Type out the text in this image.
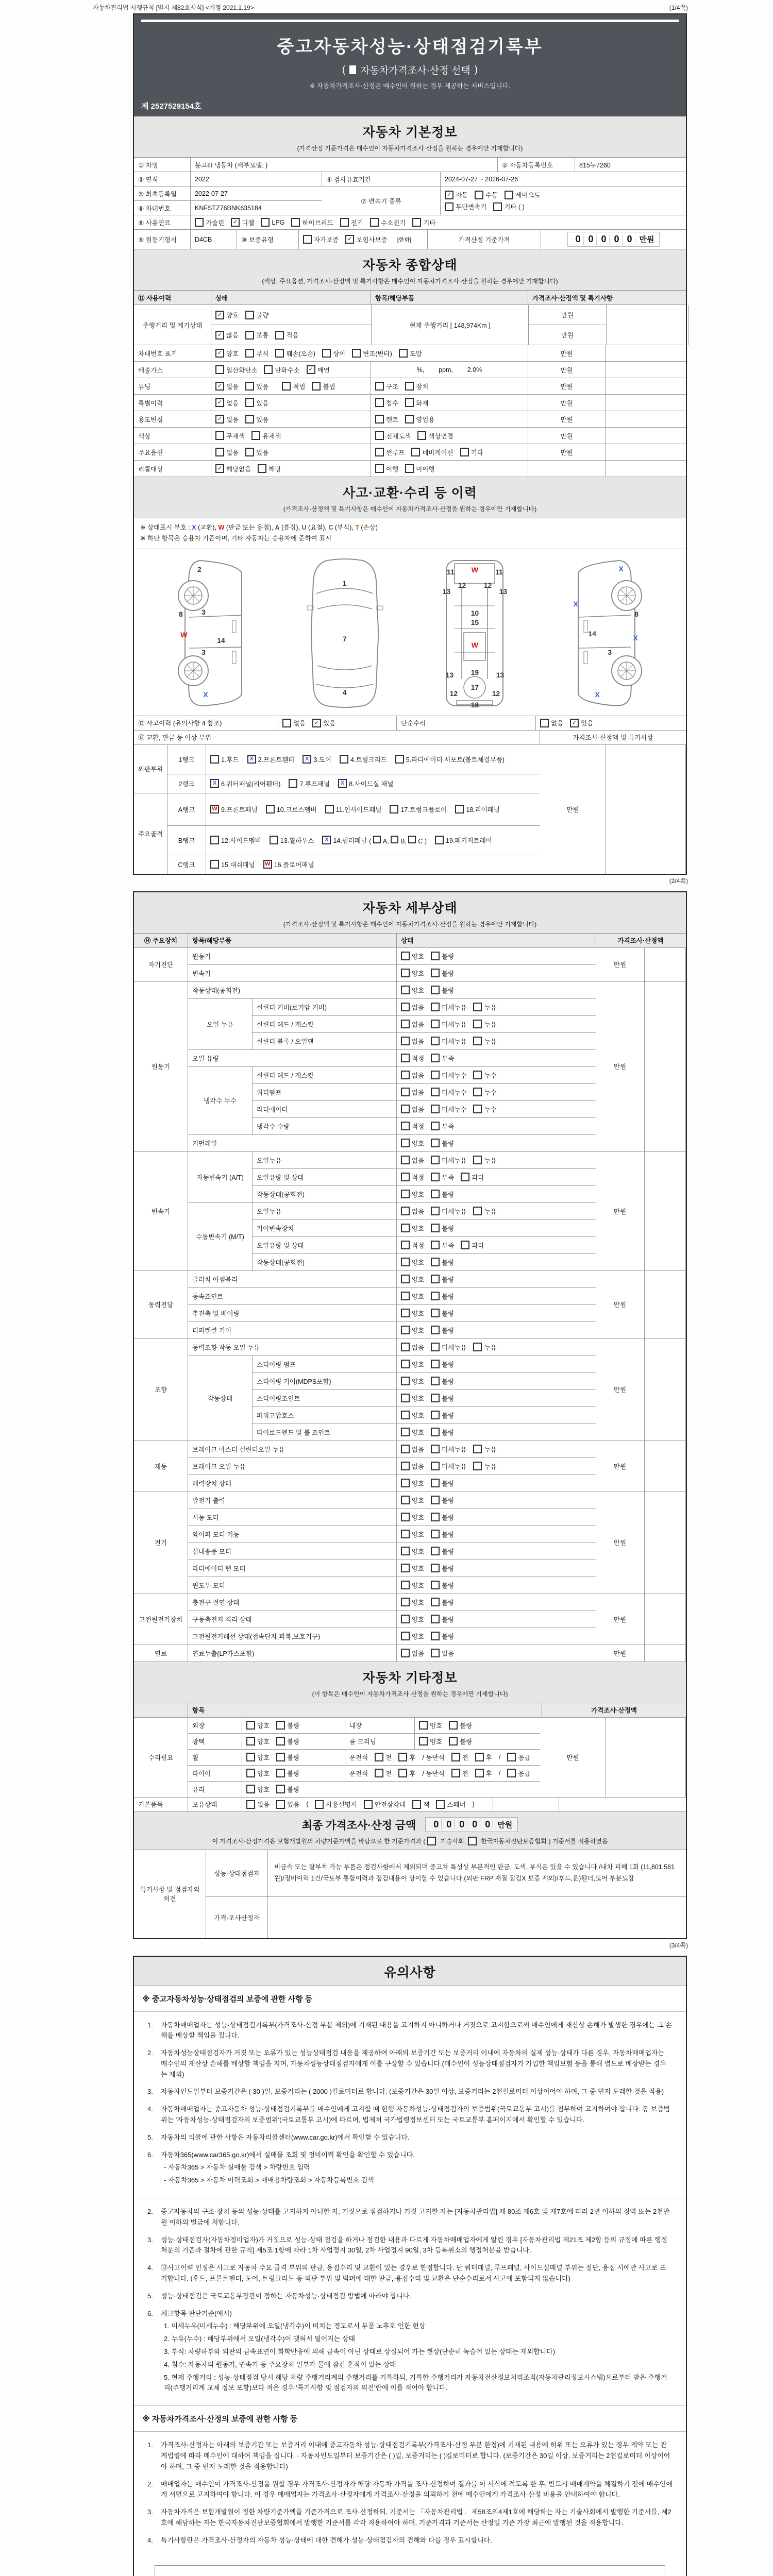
자동차관리법 시행규칙 [별지 제82호서식] <개정 2021.1.19>	(1/4쪽)
중고자동차성능·상태점검기록부
( 자동차가격조사·산정 선택 )
※ 자동차가격조사·산정은 매수인이 원하는 경우 제공하는 서비스입니다.
제 2527529154호
자동차 기본정보
(가격산정 기준가격은 매수인이 자동차가격조사·산정을 원하는 경우에만 기재합니다)
① 차명	봉고III 냉동차 (세부모델: )	② 자동차등록번호	815누7260
③ 연식	2022	④ 검사유효기간	2024-07-27 ~ 2026-07-26
⑤ 최초등록일	2022-07-27
⑥ 차대번호	KNFSTZ76BNK635184
⑦ 변속기 종류
✓ 자동	수동	세미오토
무단변속기	기타 ( )
⑧ 사용연료	가솔린	✓ 디젤	LPG	하이브리드	전기	수소전기	기타
⑨ 원동기형식	D4CB	⑩ 보증유형	자가보증	✓ 보험사보증 [한화]	가격산정 기준가격	0 0 0 0 0 만원
자동차 종합상태
(색상, 주요옵션, 가격조사·산정액 및 특기사항은 매수인이 자동차가격조사·산정을 원하는 경우에만 기재합니다)
⑪ 사용이력	상태	항목/해당부품	가격조사·산정액 및 특기사항
주행거리 및 계기상태
✓ 양호	불량
✓ 많음	보통	적음
현재 주행거리 [ 148,974Km ]
만원
만원
차대번호 표기	✓ 양호	부식	훼손(오손)	상이	변조(변타)	도말	만원
배출가스	일산화탄소	탄화수소	✓ 매연	%,        ppm,        2.0%	만원
튜닝	✓ 없음	있음	적법	불법	구조	장치	만원
특별이력	✓ 없음	있음	침수	화재	만원
용도변경	✓ 없음	있음	렌트	영업용	만원
색상	무채색	유채색	전체도색	색상변경	만원
주요옵션	없음	있음	썬루프	네비게이션	기타	만원
리콜대상	✓ 해당없음	해당	이행	미이행
사고·교환·수리 등 이력
(가격조사·산정액 및 특기사항은 매수인이 자동차가격조사·산정을 원하는 경우에만 기재합니다)
※ 상태표시 부호 : X (교환), W (판금 또는 용접), A (흠집), U (요철), C (부식), T (손상)
※ 하단 항목은 승용차 기준이며, 기타 자동차는 승용차에 준하여 표시
2
8	3
W
14
3
X
1
7
4
11	11
W
13	13
12 12
10
15
W
19
13	13
12	12
17
18
X
X
8
X
14
3
X
⑫ 사고이력 (유의사항 4 참조)	없음	✓ 있음	단순수리	없음	✓ 있음
⑬ 교환, 판금 등 이상 부위	가격조사·산정액 및 특기사항
외판부위
1랭크	1.후드	X 2.프론트휀더	X 3.도어	4.트렁크리드	5.라디에이터 서포트(볼트체결부품)
2랭크	X 6.쿼터패널(리어휀더)	7.루프패널	X 8.사이드실 패널
주요골격
A랭크	W 9.프론트패널	10.크로스멤버	11.인사이드패널	17.트렁크플로어	18.리어패널
B랭크	12.사이드멤버	13.휠하우스	X 14.필러패널 ( A, B, C )	19.패키지트레이
C랭크	15.대쉬패널 W 16.플로어패널
만원
(2/4쪽)
자동차 세부상태
(가격조사·산정액 및 특기사항은 매수인이 자동차가격조사·산정을 원하는 경우에만 기재합니다)
⑭ 주요장치	항목/해당부품	상태	가격조사·산정액
자기진단
원동기	양호	불량
변속기	양호	불량
만원
원동기
작동상태(공회전)	양호	불량
오일 누유
실린더 커버(로커암 커버)	없음	미세누유	누유
실린더 헤드 / 개스킷	없음	미세누유	누유
실린더 블록 / 오일팬	없음	미세누유	누유
오일 유량	적정	부족
냉각수 누수
실린더 헤드 / 개스킷	없음	미세누수	누수
워터펌프	없음	미세누수	누수
라디에이터	없음	미세누수	누수
냉각수 수량	적정	부족
커먼레일	양호	불량
만원
변속기
자동변속기 (A/T)
오일누유	없음	미세누유	누유
오일유량 및 상태	적정	부족	과다
작동상태(공회전)	양호	불량
수동변속기 (M/T)
오일누유	없음	미세누유	누유
기어변속장치	양호	불량
오일유량 및 상태	적정	부족	과다
작동상태(공회전)	양호	불량
만원
동력전달
클러치 어셈블리	양호	불량
등속죠인트	양호	불량
추진축 및 베어링	양호	불량
디퍼렌셜 기어	양호	불량
만원
조향
동력조향 작동 오일 누유	없음	미세누유	누유
작동상태
스티어링 펌프	양호	불량
스티어링 기어(MDPS포함)	양호	불량
스티어링조인트	양호	불량
파워고압호스	양호	불량
타이로드엔드 및 볼 조인트	양호	불량
만원
제동
브레이크 마스터 실린더오일 누유	없음	미세누유	누유
브레이크 오일 누유	없음	미세누유	누유
배력장치 상태	양호	불량
만원
전기
발전기 출력	양호	불량
시동 모터	양호	불량
와이퍼 모터 기능	양호	불량
실내송풍 모터	양호	불량
라디에이터 팬 모터	양호	불량
윈도우 모터	양호	불량
만원
고전원전기장치
충전구 절연 상태	양호	불량
구동축전지 격리 상태	양호	불량
고전원전기배선 상태(접속단자,피복,보호기구)	양호	불량
만원
연료	연료누출(LP가스포함)	없음	있음	만원
자동차 기타정보
(이 항목은 매수인이 자동차가격조사·산정을 원하는 경우에만 기재합니다)
항목	가격조사·산정액
수리필요
외장	양호	불량	내장	양호	불량
광택	양호	불량	룸 크리닝	양호	불량
휠	양호	불량	운전석	전	후 / 동반석	전	후 /	응급
타이어	양호	불량	운전석	전	후 / 동반석	전	후 /	응급
유리	양호	불량
만원
기본품목	보유상태	없음	있음 (	사용설명서	안전삼각대	잭	스패너 )
최종 가격조사·산정 금액 0 0 0 0 0 만원
이 가격조사·산정가격은 보험개발원의 차량기준가액을 바탕으로 한 기준가격과 ( 기술사회, 한국자동차진단보증협회 ) 기준서를 적용하였음
특기사항 및 점검자의 의견
성능·상태점검자
비금속 또는 탈부착 가능 부품은 점검사항에서 제외되며 중고차 특성상 부분적인 판금, 도색, 부식은 있을 수 있습니다./내차 피해 1회 (11,801,561원)/정비이력 1건/국토부 통합이력과 점검내용이 상이할 수 있습니다.(외판 FRP 재질 점검X 보증 제외)/후드,운)휀더,도어 부분도장
가격·조사산정자
(3/4쪽)
유의사항
※ 중고자동차성능·상태점검의 보증에 관한 사항 등
1.	자동차매매업자는 성능·상태점검기록부(가격조사·산정 부분 제외)에 기재된 내용을 고지하지 아니하거나 거짓으로 고지함으로써 매수인에게 재산상 손해가 발생한 경우에는 그 손해를 배상할 책임을 집니다.
2.	자동차성능상태점검자가 거짓 또는 오류가 있는 성능상태점검 내용을 제공하여 아래의 보증기간 또는 보증거리 이내에 자동차의 실제 성능·상태가 다른 경우, 자동차매매업자는 매수인의 재산상 손해를 배상할 책임을 지며, 자동차성능상태점검자에게 이를 구상할 수 있습니다.(매수인이 성능상태점검자가 가입한 책임보험 등을 통해 별도로 배상받는 경우는 제외)
3.	자동차인도일부터 보증기간은 ( 30 )일, 보증거리는 ( 2000 )킬로미터로 합니다. (보증기간은 30일 이상, 보증거리는 2천킬로미터 이상이어야 하며, 그 중 먼저 도래한 것을 적용)
4.	자동차매매업자는 중고자동차 성능·상태점검기록부를 매수인에게 고지할 때 현행 자동차성능·상태점검자의 보증범위(국토교통부 고시)를 첨부하여 고지하여야 합니다. 동 보증범위는 '자동차성능·상태점검자의 보증범위'(국토교통부 고시)에 따르며, 법제처 국가법령정보센터 또는 국토교통부 홈페이지에서 확인할 수 있습니다.
5.	자동차의 리콜에 관한 사항은 자동차리콜센터(www.car.go.kr)에서 확인할 수 있습니다.
6.	자동차365(www.car365.go.kr)에서 실매물 조회 및 정비이력 확인을 확인할 수 있습니다.
- 자동차365 > 자동차 실매물 검색 > 차량번호 입력
- 자동차365 > 자동차 이력조회 > 매매용차량조회 > 자동차등록번호 검색
2.	중고자동차의 구조·장치 등의 성능·상태를 고지하지 아니한 자, 거짓으로 점검하거나 거짓 고지한 자는 [자동차관리법] 제 80조 제6호 및 제7호에 따라 2년 이하의 징역 또는 2천만원 이하의 벌금에 처합니다.
3.	성능·상태점검자(자동차정비업자)가 거짓으로 성능·상태 점검을 하거나 점검한 내용과 다르게 자동차매매업자에게 알린 경우 [자동차관리법 제21조 제2항 등의 규정에 따른 행정처분의 기준과 절차에 관한 규칙] 제5조 1항에 따라 1차 사업정지 30일, 2차 사업정지 90일, 3차 등록취소의 행정처분을 받습니다.
4.	⑫사고이력 인정은 사고로 자동차 주요 골격 부위의 판금, 용접수리 및 교환이 있는 경우로 한정합니다. 단 쿼터패널, 루프패널, 사이드실패널 부위는 절단, 용접 시에만 사고로 표기합니다. (후드, 프론트펜더, 도어, 트렁크리드 등 외판 부위 및 범퍼에 대한 판금, 용접수리 및 교환은 단순수리로서 사고에 포함되지 않습니다)
5.	성능·상태점검은 국토교통부장관이 정하는 자동차성능·상태점검 방법에 따라야 합니다.
6.	체크항목 판단기준(예시)
1. 미세누유(미세누수) : 해당부위에 오일(냉각수)이 비치는 정도로서 부품 노후로 인한 현상
2. 누유(누수) : 해당부위에서 오일(냉각수)이 맺혀서 떨어지는 상태
3. 부식: 차량하부와 외판의 금속표면이 화학반응에 의해 금속이 아닌 상태로 상실되어 가는 현상(단순히 녹슬어 있는 상태는 제외합니다)
4. 침수: 자동차의 원동기, 변속기 등 주요장치 일부가 물에 잠긴 흔적이 있는 상태
5. 현재 주행거리 : 성능·상태점검 당시 해당 차량 주행거리계의 주행거리를 기록하되, 기록한 주행거리가 자동차전산정보처리조직(자동차관리정보시스템)으로부터 받은 주행거리(주행거리계 교체 정보 포함)보다 적은 경우 '특기사항 및 점검자의 의견'란에 이를 적어야 합니다.
※ 자동차가격조사·산정의 보증에 관한 사항 등
1.	가격조사·산정자는 아래의 보증기간 또는 보증거리 이내에 중고자동차 성능·상태점검기록부(가격조사·산정 부분 한정)에 기재된 내용에 허위 또는 오류가 있는 경우 계약 또는 관계법령에 따라 매수인에 대하여 책임을 집니다. · 자동차인도일부터 보증기간은 ( )일, 보증거리는 ( )킬로미터로 합니다. (보증기간은 30일 이상, 보증거리는 2천킬로미터 이상이어야 하며, 그 중 먼저 도래한 것을 적용합니다)
2.	매매업자는 매수인이 가격조사·산정을 원할 경우 가격조사·산정자가 해당 자동차 가격을 조사·산정하여 결과를 이 서식에 적도록 한 후, 반드시 매매계약을 체결하기 전에 매수인에게 서면으로 고지하여야 합니다. 이 경우 매매업자는 가격조사·산정자에게 가격조사·산정을 의뢰하기 전에 매수인에게 가격조사·산정 비용을 안내하여야 합니다.
3.	자동차가격은 보험개발원이 정한 차량기준가액을 기준가격으로 조사·산정하되, 기준서는 「자동차관리법」 제58조의4제1호에 해당하는 자는 기술사회에서 발행한 기준서를, 제2호에 해당하는 자는 한국자동차진단보증협회에서 발행한 기준서를 각각 적용하여야 하며, 기준가격과 기준서는 산정일 기준 가장 최근에 발행된 것을 적용합니다.
4.	특기사항란은 가격조사·산정자의 자동차 성능·상태에 대한 견해가 성능·상태점검자의 견해와 다를 경우 표시합니다.
